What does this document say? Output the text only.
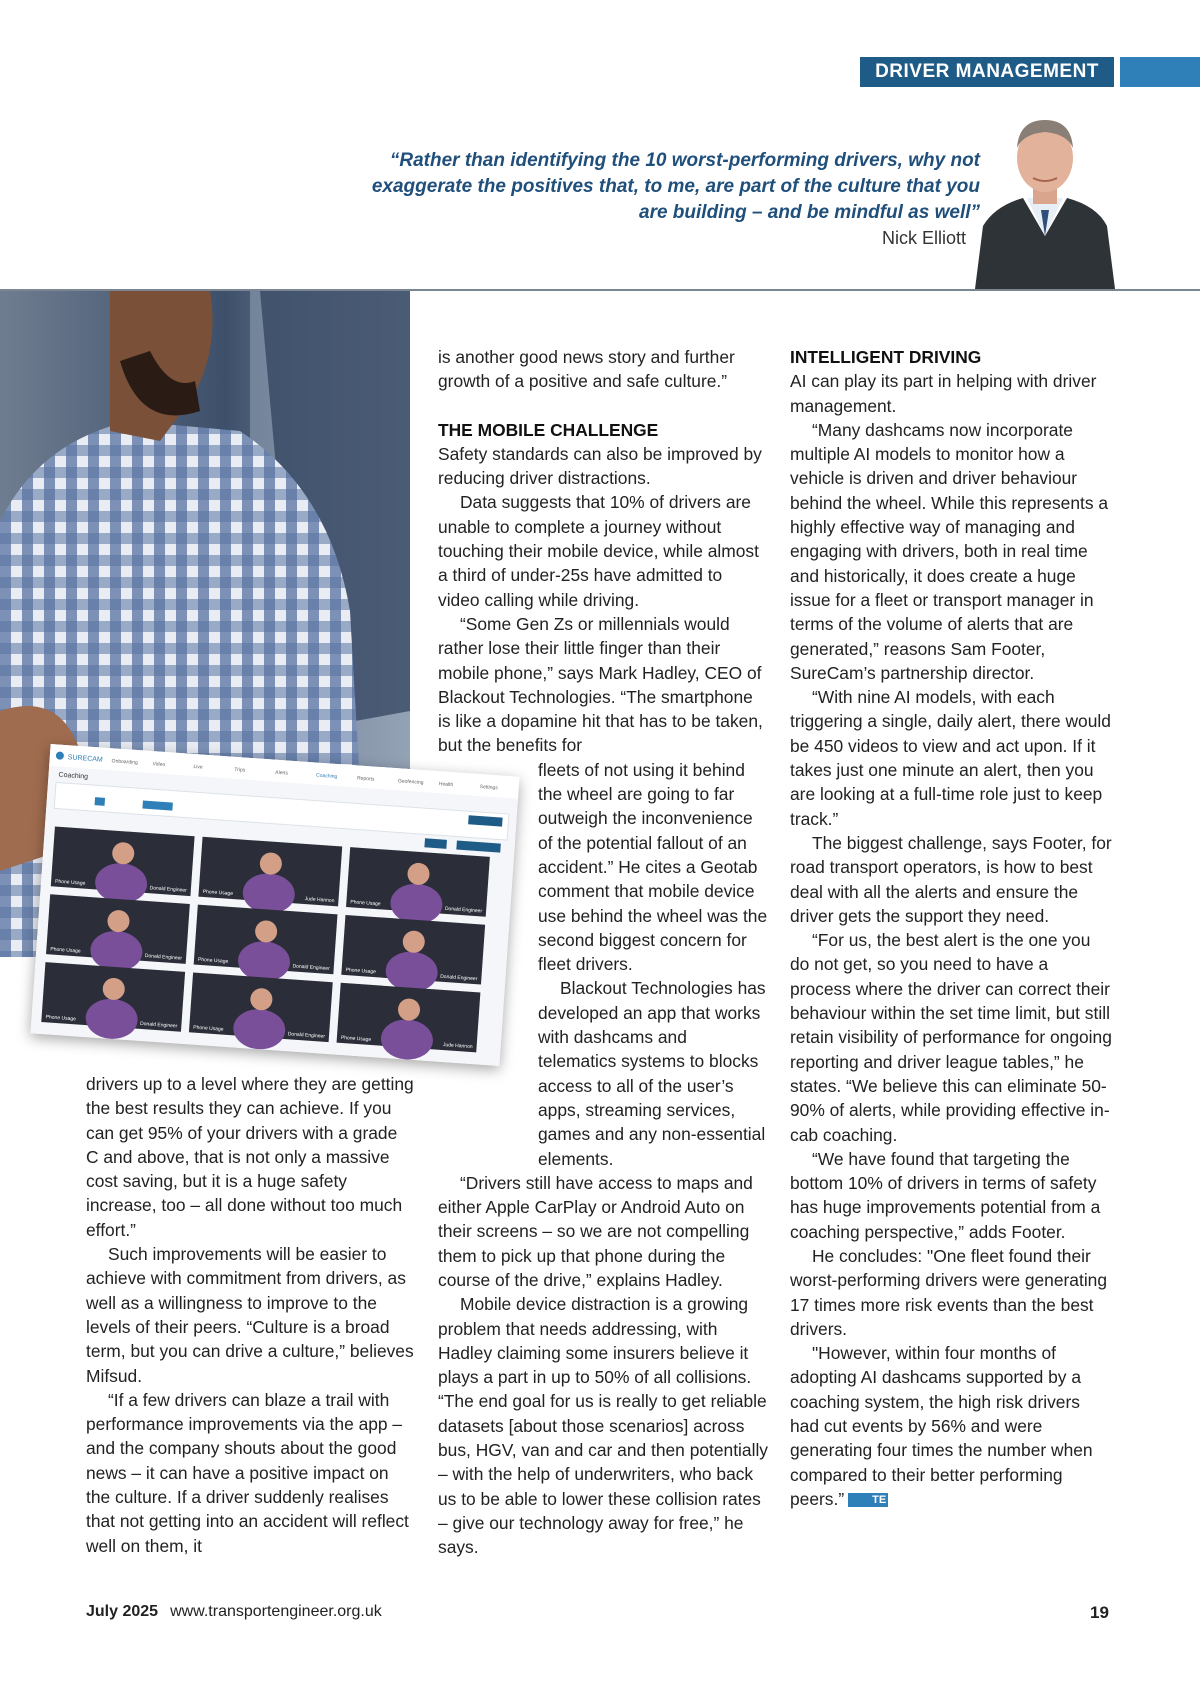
DRIVER MANAGEMENT
“Rather than identifying the 10 worst-performing drivers, why not exaggerate the positives that, to me, are part of the culture that you are building – and be mindful as well”
Nick Elliott
SURECAM Onboarding	Video	Live	Trips	Alerts	Coaching	Reports	Geofencing	Health	Settings
Coaching
Phone Usage
Donald Engineer	Phone Usage
Jude Hannon	Phone Usage
Donald Engineer
Phone Usage
Donald Engineer	Phone Usage
Donald Engineer	Phone Usage
Donald Engineer
Phone Usage
Donald Engineer	Phone Usage
Donald Engineer	Phone Usage
Jude Hannon

drivers up to a level where they are getting the best results they can achieve. If you can get 95% of your drivers with a grade C and above, that is not only a massive cost saving, but it is a huge safety increase, too – all done without too much effort.”

Such improvements will be easier to achieve with commitment from drivers, as well as a willingness to improve to the levels of their peers. “Culture is a broad term, but you can drive a culture,” believes Mifsud.

“If a few drivers can blaze a trail with performance improvements via the app – and the company shouts about the good news – it can have a positive impact on the culture. If a driver suddenly realises that not getting into an accident will reflect well on them, it

is another good news story and further growth of a positive and safe culture.”

THE MOBILE CHALLENGE

Safety standards can also be improved by reducing driver distractions.

Data suggests that 10% of drivers are unable to complete a journey without touching their mobile device, while almost a third of under-25s have admitted to video calling while driving.

“Some Gen Zs or millennials would rather lose their little finger than their mobile phone,” says Mark Hadley, CEO of Blackout Technologies. “The smartphone is like a dopamine hit that has to be taken, but the benefits for

fleets of not using it behind the wheel are going to far outweigh the inconvenience of the potential fallout of an accident.” He cites a Geotab comment that mobile device use behind the wheel was the second biggest concern for fleet drivers.

Blackout Technologies has developed an app that works with dashcams and telematics systems to blocks access to all of the user’s apps, streaming services, games and any non-essential elements.

“Drivers still have access to maps and either Apple CarPlay or Android Auto on their screens – so we are not compelling them to pick up that phone during the course of the drive,” explains Hadley.

Mobile device distraction is a growing problem that needs addressing, with Hadley claiming some insurers believe it plays a part in up to 50% of all collisions. “The end goal for us is really to get reliable datasets [about those scenarios] across bus, HGV, van and car and then potentially – with the help of underwriters, who back us to be able to lower these collision rates – give our technology away for free,” he says.

INTELLIGENT DRIVING

AI can play its part in helping with driver management.

“Many dashcams now incorporate multiple AI models to monitor how a vehicle is driven and driver behaviour behind the wheel. While this represents a highly effective way of managing and engaging with drivers, both in real time and historically, it does create a huge issue for a fleet or transport manager in terms of the volume of alerts that are generated,” reasons Sam Footer, SureCam’s partnership director.

“With nine AI models, with each triggering a single, daily alert, there would be 450 videos to view and act upon. If it takes just one minute an alert, then you are looking at a full-time role just to keep track.”

The biggest challenge, says Footer, for road transport operators, is how to best deal with all the alerts and ensure the driver gets the support they need.

“For us, the best alert is the one you do not get, so you need to have a process where the driver can correct their behaviour within the set time limit, but still retain visibility of performance for ongoing reporting and driver league tables,” he states. “We believe this can eliminate 50-90% of alerts, while providing effective in-cab coaching.

“We have found that targeting the bottom 10% of drivers in terms of safety has huge improvements potential from a coaching perspective,” adds Footer.

He concludes: "One fleet found their worst-performing drivers were generating 17 times more risk events than the best drivers.

"However, within four months of adopting AI dashcams supported by a coaching system, the high risk drivers had cut events by 56% and were generating four times the number when compared to their better performing peers.”	TE

July 2025 www.transportengineer.org.uk	19
